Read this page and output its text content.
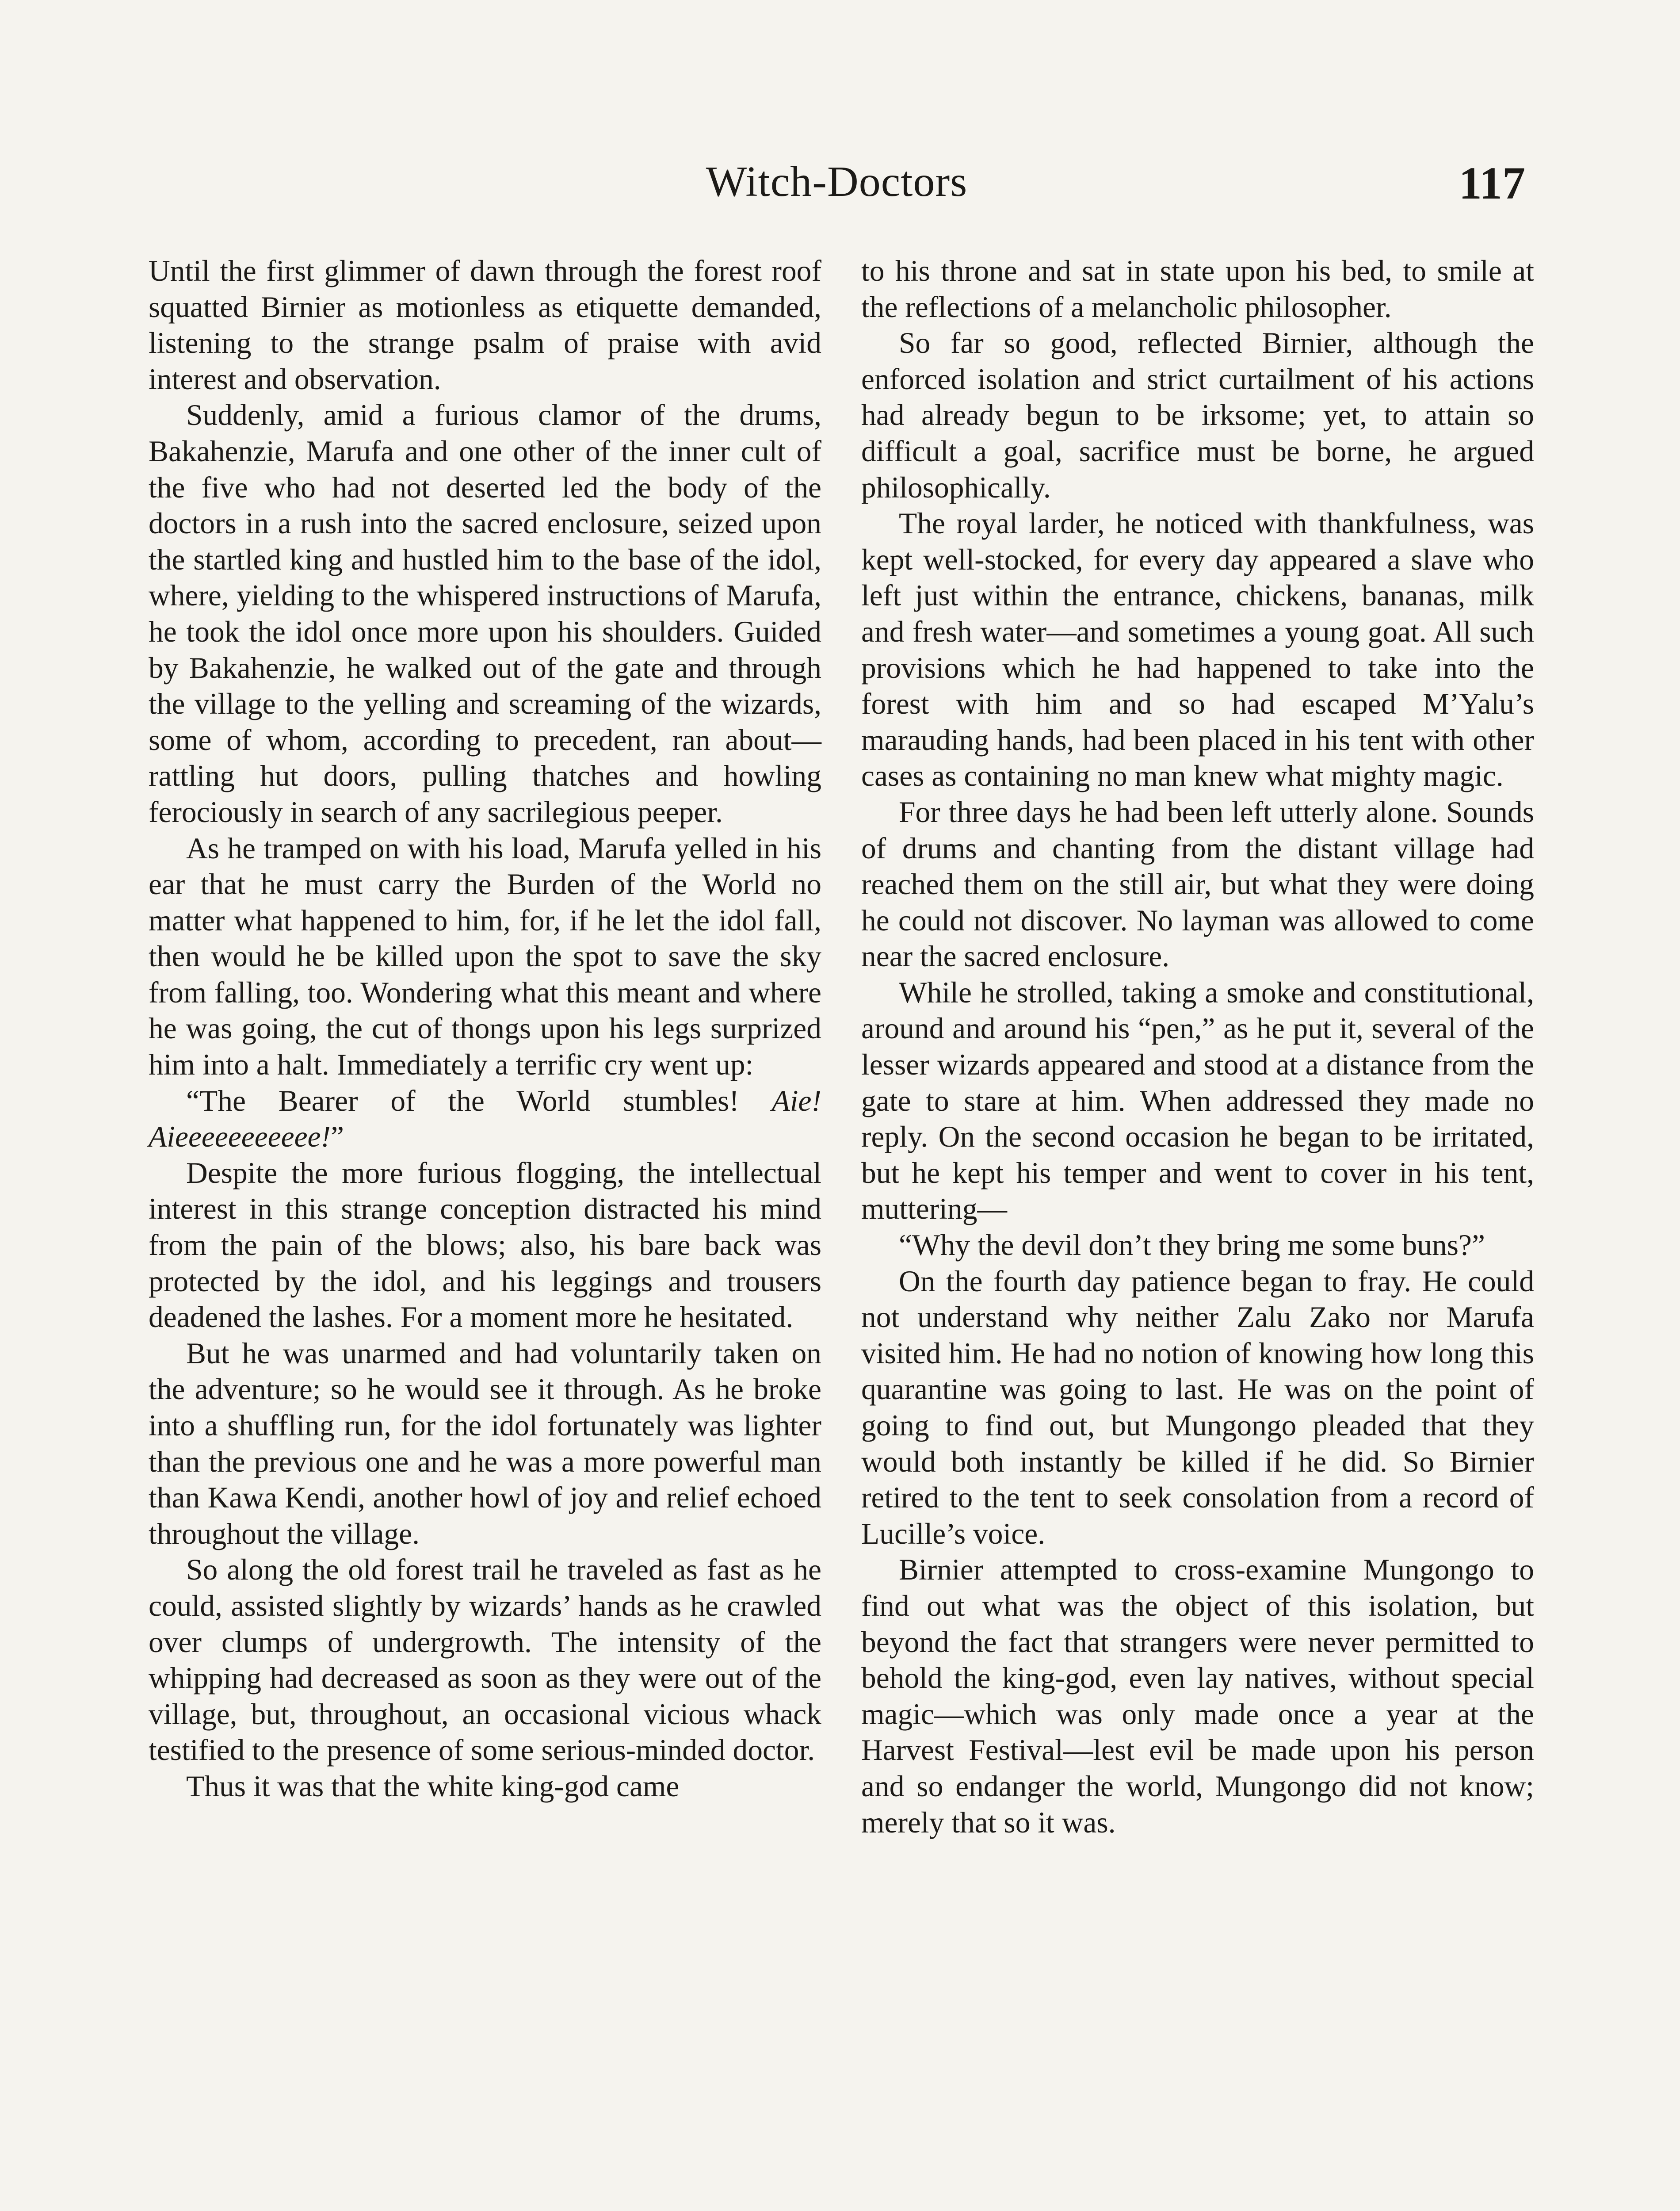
Witch-Doctors	117

Until the first glimmer of dawn through the forest roof squatted Birnier as motionless as etiquette demanded, listening to the strange psalm of praise with avid interest and observation.

Suddenly, amid a furious clamor of the drums, Bakahenzie, Marufa and one other of the inner cult of the five who had not deserted led the body of the doctors in a rush into the sacred enclosure, seized upon the startled king and hustled him to the base of the idol, where, yielding to the whispered instructions of Marufa, he took the idol once more upon his shoulders. Guided by Bakahenzie, he walked out of the gate and through the village to the yelling and screaming of the wizards, some of whom, according to precedent, ran about—rattling hut doors, pulling thatches and howling ferociously in search of any sacrilegious peeper.

As he tramped on with his load, Marufa yelled in his ear that he must carry the Burden of the World no matter what happened to him, for, if he let the idol fall, then would he be killed upon the spot to save the sky from falling, too. Wondering what this meant and where he was going, the cut of thongs upon his legs surprized him into a halt. Immediately a terrific cry went up:

“The Bearer of the World stumbles! Aie! Aieeeeeeeeeee!”

Despite the more furious flogging, the intellectual interest in this strange conception distracted his mind from the pain of the blows; also, his bare back was protected by the idol, and his leggings and trousers deadened the lashes. For a moment more he hesitated.

But he was unarmed and had voluntarily taken on the adventure; so he would see it through. As he broke into a shuffling run, for the idol fortunately was lighter than the previous one and he was a more powerful man than Kawa Kendi, another howl of joy and relief echoed throughout the village.

So along the old forest trail he traveled as fast as he could, assisted slightly by wizards’ hands as he crawled over clumps of undergrowth. The intensity of the whipping had decreased as soon as they were out of the village, but, throughout, an occasional vicious whack testified to the presence of some serious-minded doctor.

Thus it was that the white king-god came

to his throne and sat in state upon his bed, to smile at the reflections of a melancholic philosopher.

So far so good, reflected Birnier, although the enforced isolation and strict curtailment of his actions had already begun to be irksome; yet, to attain so difficult a goal, sacrifice must be borne, he argued philosophically.

The royal larder, he noticed with thankfulness, was kept well-stocked, for every day appeared a slave who left just within the entrance, chickens, bananas, milk and fresh water—and sometimes a young goat. All such provisions which he had happened to take into the forest with him and so had escaped M’Yalu’s marauding hands, had been placed in his tent with other cases as containing no man knew what mighty magic.

For three days he had been left utterly alone. Sounds of drums and chanting from the distant village had reached them on the still air, but what they were doing he could not discover. No layman was allowed to come near the sacred enclosure.

While he strolled, taking a smoke and constitutional, around and around his “pen,” as he put it, several of the lesser wizards appeared and stood at a distance from the gate to stare at him. When addressed they made no reply. On the second occasion he began to be irritated, but he kept his temper and went to cover in his tent, muttering—

“Why the devil don’t they bring me some buns?”

On the fourth day patience began to fray. He could not understand why neither Zalu Zako nor Marufa visited him. He had no notion of knowing how long this quarantine was going to last. He was on the point of going to find out, but Mungongo pleaded that they would both instantly be killed if he did. So Birnier retired to the tent to seek consolation from a record of Lucille’s voice.

Birnier attempted to cross-examine Mungongo to find out what was the object of this isolation, but beyond the fact that strangers were never permitted to behold the king-god, even lay natives, without special magic—which was only made once a year at the Harvest Festival—lest evil be made upon his person and so endanger the world, Mungongo did not know; merely that so it was.
